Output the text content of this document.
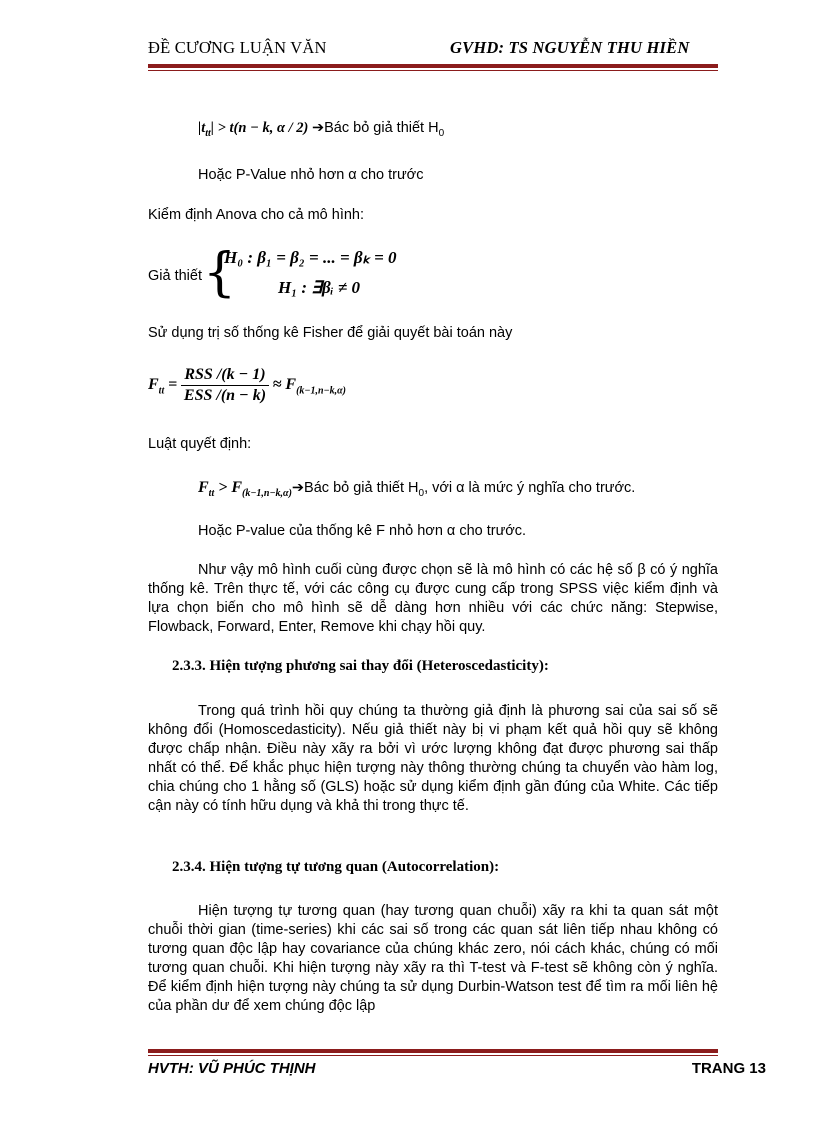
ĐỀ CƯƠNG LUẬN VĂN	GVHD: TS NGUYỄN THU HIỀN
$|t_{tt}| > t(n - k$, α / 2) ➔Bác bỏ giả thiết $H_0$
Hoặc P-Value nhỏ hơn α cho trước
Kiểm định Anova cho cả mô hình:
Giả thiết {
H₀ : β₁ = β₂ = ... = βₖ = 0
H₁ : ∃βᵢ ≠ 0
Sử dụng trị số thống kê Fisher để giải quyết bài toán này
$F_{tt} = \frac{\text{RSS /(k − 1)}}{\text{ESS /(n − k)}} \approx F_{(k-1,n-k,\alpha)}$
Luật quyết định:
$F_{tt}$ > $F_{(k-1,n-k,\alpha)}➔Bác$ bỏ giả thiết $H_0$, với α là mức ý nghĩa cho trước.
Hoặc P-value của thống kê F nhỏ hơn α cho trước.

Như vậy mô hình cuối cùng được chọn sẽ là mô hình có các hệ số β có ý nghĩa thống kê. Trên thực tế, với các công cụ được cung cấp trong SPSS việc kiểm định và lựa chọn biến cho mô hình sẽ dễ dàng hơn nhiều với các chức năng: Stepwise, Flowback, Forward, Enter, Remove khi chạy hồi quy.

2.3.3. Hiện tượng phương sai thay đổi (Heteroscedasticity):

Trong quá trình hồi quy chúng ta thường giả định là phương sai của sai số sẽ không đổi (Homoscedasticity). Nếu giả thiết này bị vi phạm kết quả hồi quy sẽ không được chấp nhận. Điều này xãy ra bởi vì ước lượng không đạt được phương sai thấp nhất có thể. Để khắc phục hiện tượng này thông thường chúng ta chuyển vào hàm log, chia chúng cho 1 hằng số (GLS) hoặc sử dụng kiểm định gần đúng của White. Các tiếp cận này có tính hữu dụng và khả thi trong thực tế.

2.3.4. Hiện tượng tự tương quan (Autocorrelation):

Hiện tượng tự tương quan (hay tương quan chuỗi) xãy ra khi ta quan sát một chuỗi thời gian (time-series) khi các sai số trong các quan sát liên tiếp nhau không có tương quan độc lập hay covariance của chúng khác zero, nói cách khác, chúng có mối tương quan chuỗi. Khi hiện tượng này xãy ra thì T-test và F-test sẽ không còn ý nghĩa. Để kiểm định hiện tượng này chúng ta sử dụng Durbin-Watson test để tìm ra mối liên hệ của phần dư để xem chúng độc lập

HVTH: VŨ PHÚC THỊNH	TRANG 13
